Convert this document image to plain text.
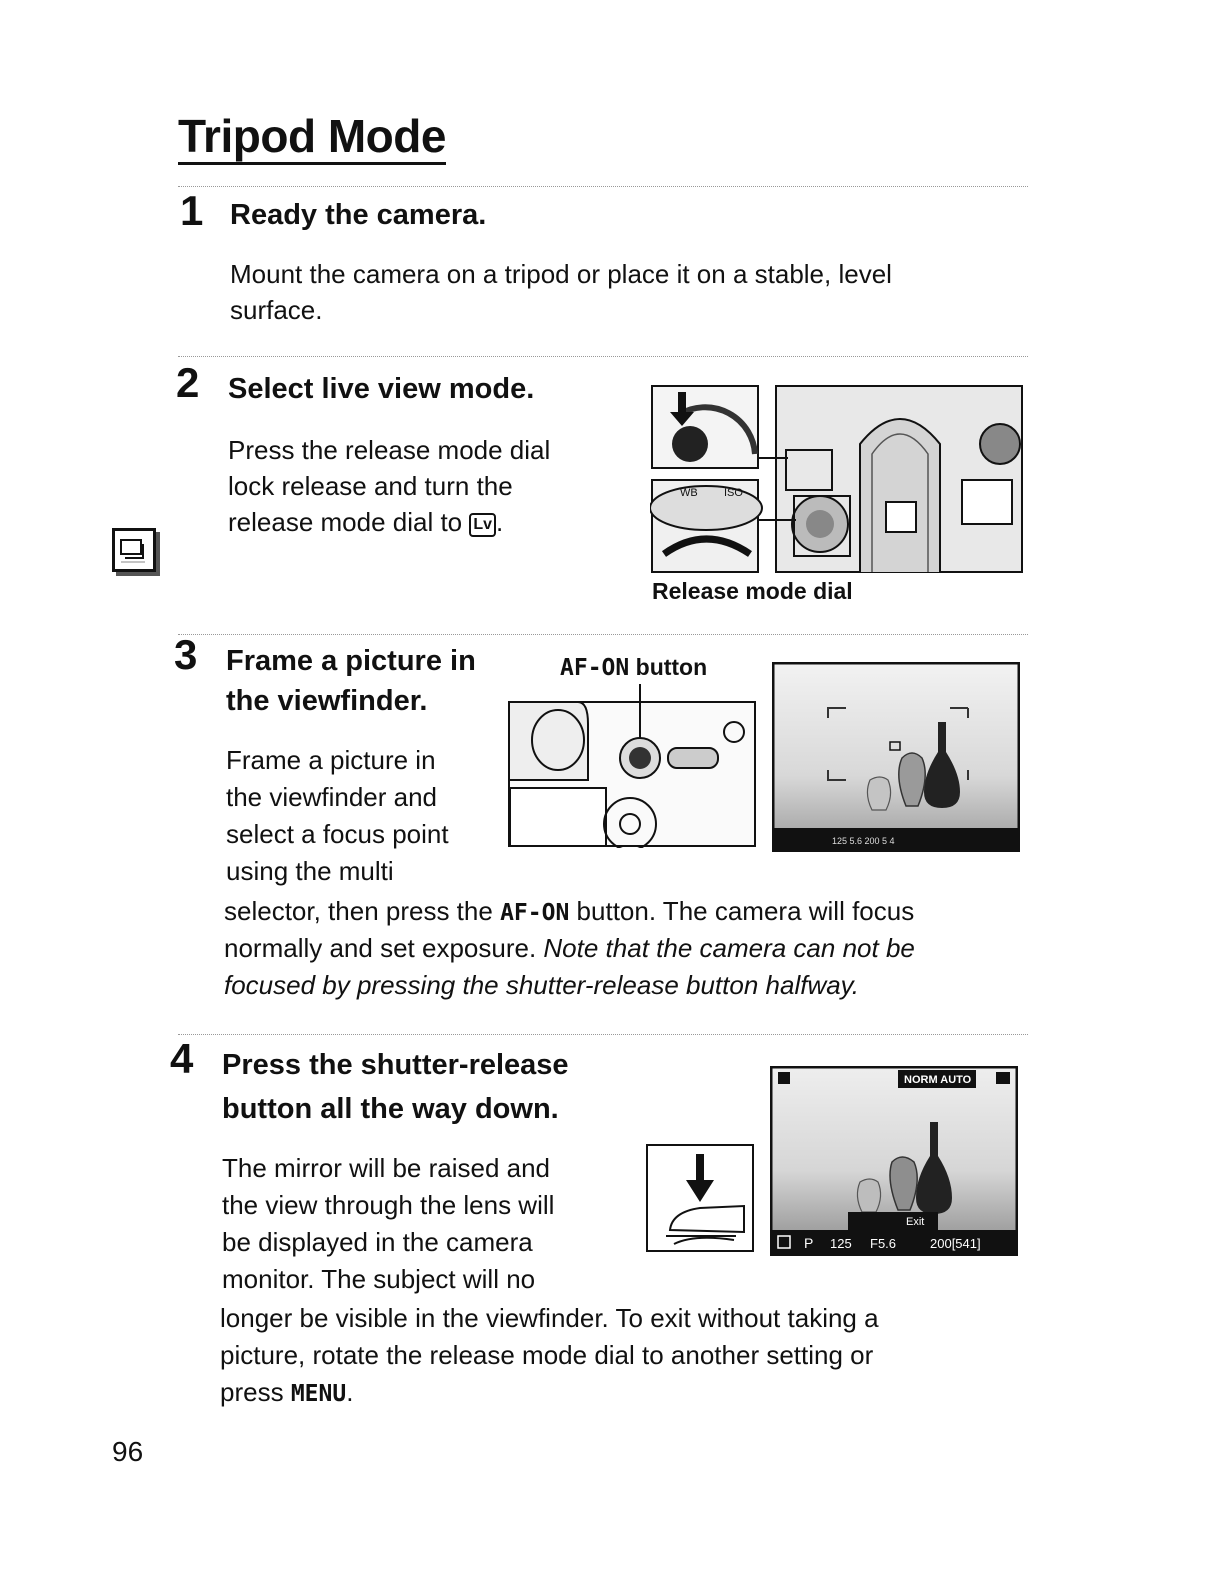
Tripod Mode
1 Ready the camera.
Mount the camera on a tripod or place it on a stable, level
surface.
2 Select live view mode.
Press the release mode dial
lock release and turn the
release mode dial to Lv .
WB ISO
Release mode dial
3 Frame a picture in
the viewfinder.
Frame a picture in
the viewfinder and
select a focus point
using the multi
selector, then press the AF-ON button. The camera will focus
normally and set exposure. Note that the camera can not be
focused by pressing the shutter-release button halfway.
AF-ON button
125 5.6 200 5 4
4 Press the shutter-release
button all the way down.
The mirror will be raised and
the view through the lens will
be displayed in the camera
monitor. The subject will no
longer be visible in the viewfinder. To exit without taking a
picture, rotate the release mode dial to another setting or
press MENU.
NORM AUTO
Exit
P 125 F5.6	200[541]
96
